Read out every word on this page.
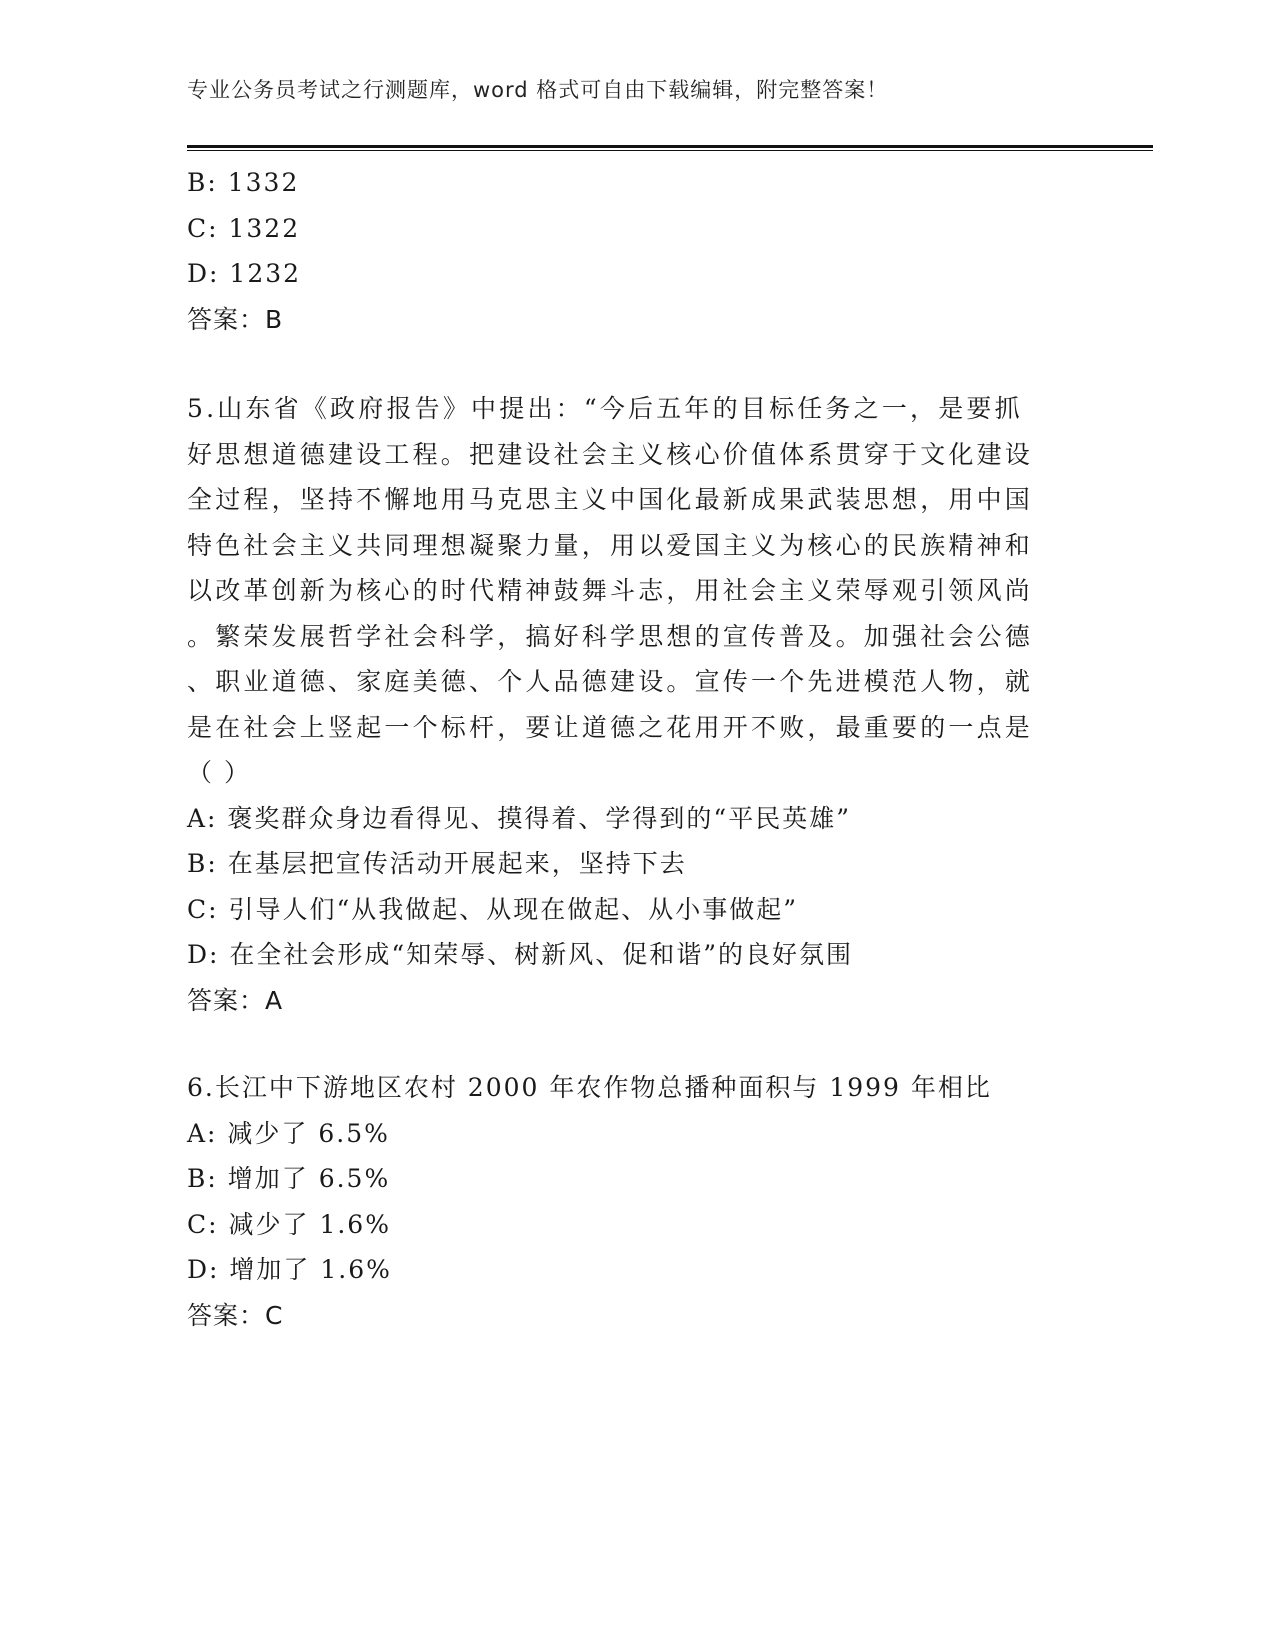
专业公务员考试之行测题库，word 格式可自由下载编辑，附完整答案！
B: 1332
C: 1322
D: 1232
答案：B
5.山东省《政府报告》中提出：“今后五年的目标任务之一，是要抓
好思想道德建设工程。把建设社会主义核心价值体系贯穿于文化建设
全过程，坚持不懈地用马克思主义中国化最新成果武装思想，用中国
特色社会主义共同理想凝聚力量，用以爱国主义为核心的民族精神和
以改革创新为核心的时代精神鼓舞斗志，用社会主义荣辱观引领风尚
。繁荣发展哲学社会科学，搞好科学思想的宣传普及。加强社会公德
、职业道德、家庭美德、个人品德建设。宣传一个先进模范人物，就
是在社会上竖起一个标杆，要让道德之花用开不败，最重要的一点是
（ ）
A: 褒奖群众身边看得见、摸得着、学得到的“平民英雄”
B: 在基层把宣传活动开展起来，坚持下去
C: 引导人们“从我做起、从现在做起、从小事做起”
D: 在全社会形成“知荣辱、树新风、促和谐”的良好氛围
答案：A
6.长江中下游地区农村 2000 年农作物总播种面积与 1999 年相比
A: 减少了 6.5%
B: 增加了 6.5%
C: 减少了 1.6%
D: 增加了 1.6%
答案：C
